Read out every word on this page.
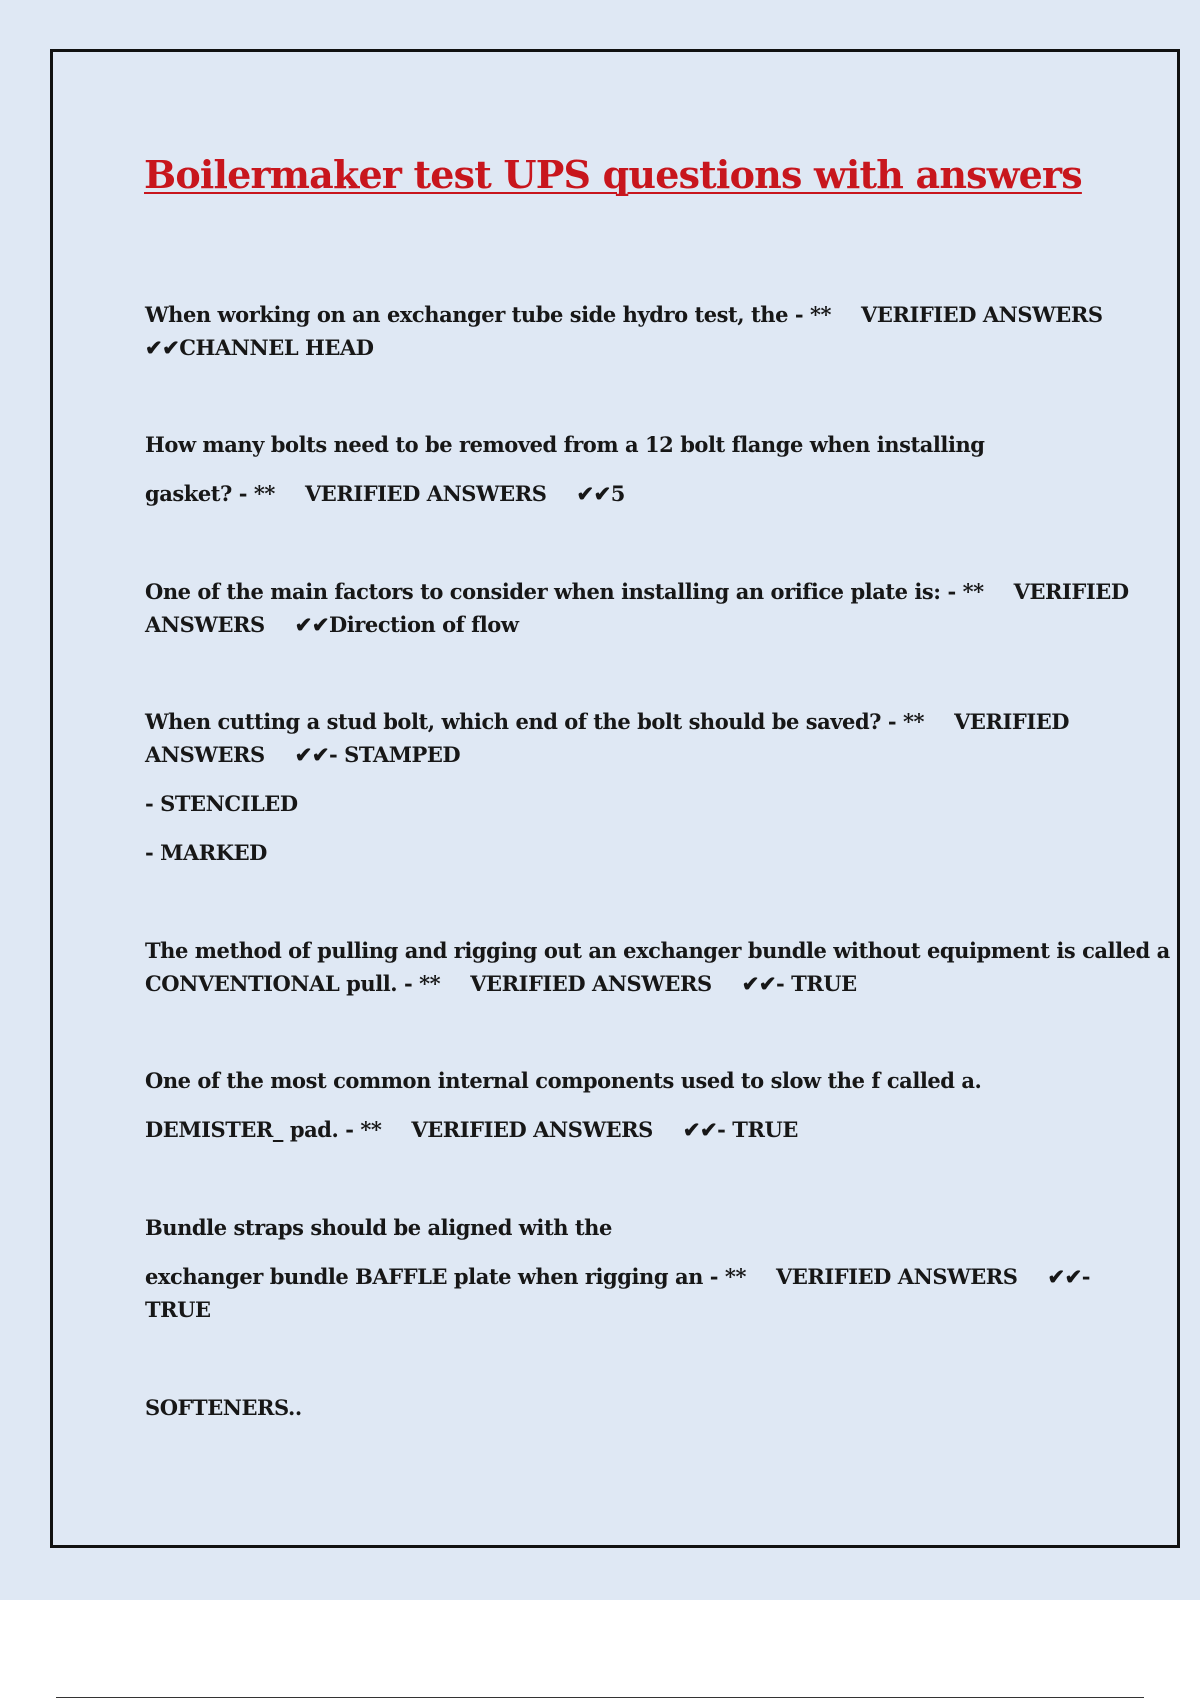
Boilermaker test UPS questions with answers

When working on an exchanger tube side hydro test, the - ** VERIFIED ANSWERS

✔✔CHANNEL HEAD

How many bolts need to be removed from a 12 bolt flange when installing

gasket? - ** VERIFIED ANSWERS ✔✔5

One of the main factors to consider when installing an orifice plate is: - ** VERIFIED

ANSWERS ✔✔Direction of flow

When cutting a stud bolt, which end of the bolt should be saved? - ** VERIFIED

ANSWERS ✔✔- STAMPED

- STENCILED

- MARKED

The method of pulling and rigging out an exchanger bundle without equipment is called a

CONVENTIONAL pull. - ** VERIFIED ANSWERS ✔✔- TRUE

One of the most common internal components used to slow the f called a.

DEMISTER_ pad. - ** VERIFIED ANSWERS ✔✔- TRUE

Bundle straps should be aligned with the

exchanger bundle BAFFLE plate when rigging an - ** VERIFIED ANSWERS ✔✔-

TRUE

SOFTENERS..
